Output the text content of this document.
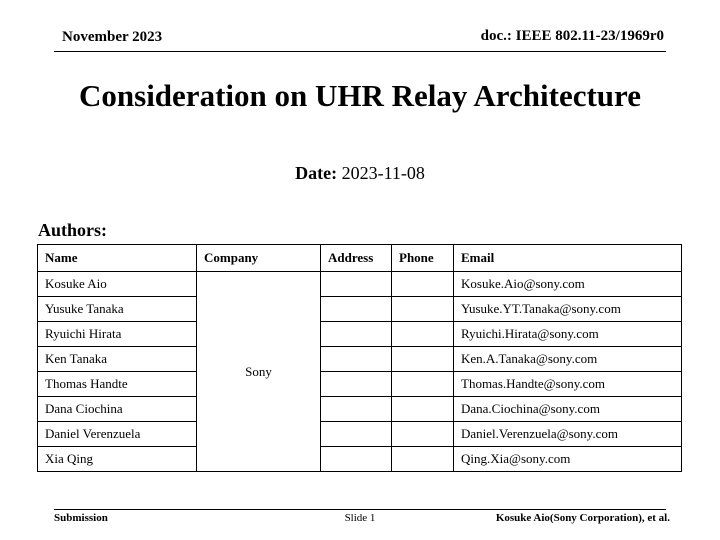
November 2023	doc.: IEEE 802.11-23/1969r0
Consideration on UHR Relay Architecture
Date: 2023-11-08
Authors:
Name	Company	Address	Phone	Email
Kosuke Aio	Sony			Kosuke.Aio@sony.com
Yusuke Tanaka				Yusuke.YT.Tanaka@sony.com
Ryuichi Hirata				Ryuichi.Hirata@sony.com
Ken Tanaka				Ken.A.Tanaka@sony.com
Thomas Handte				Thomas.Handte@sony.com
Dana Ciochina				Dana.Ciochina@sony.com
Daniel Verenzuela				Daniel.Verenzuela@sony.com
Xia Qing				Qing.Xia@sony.com
Submission	Slide 1	Kosuke Aio(Sony Corporation), et al.
